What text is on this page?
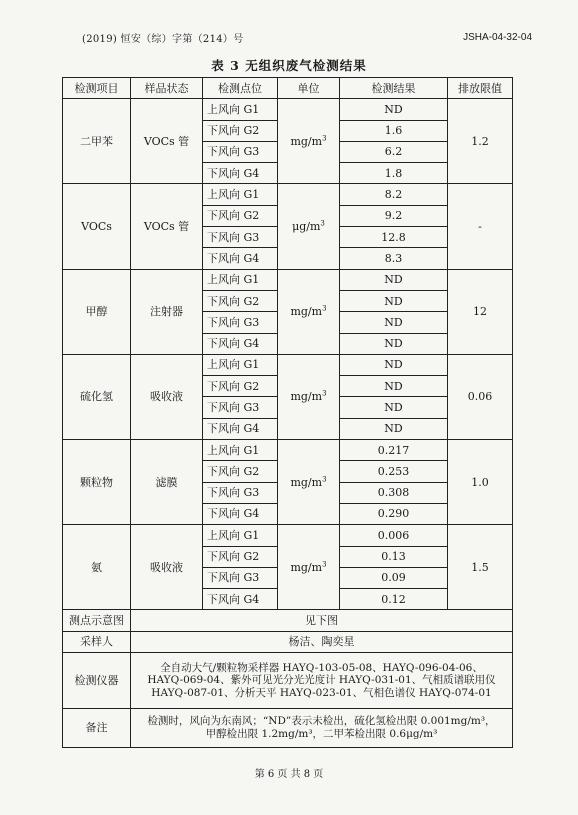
(2019) 恒安（综）字第（214）号	JSHA-04-32-04
表 3 无组织废气检测结果
检测项目	样品状态	检测点位	单位	检测结果	排放限值
二甲苯	VOCs 管	上风向 G1	$mg/m^3$	ND	1.2
		下风向 G2		1.6	
		下风向 G3		6.2	
		下风向 G4		1.8	
VOCs	VOCs 管	上风向 G1	$\mu g/m^3$	8.2	-
		下风向 G2		9.2	
		下风向 G3		12.8	
		下风向 G4		8.3	
甲醇	注射器	上风向 G1	$mg/m^3$	ND	12
		下风向 G2		ND	
		下风向 G3		ND	
		下风向 G4		ND	
硫化氢	吸收液	上风向 G1	$mg/m^3$	ND	0.06
		下风向 G2		ND	
		下风向 G3		ND	
		下风向 G4		ND	
颗粒物	滤膜	上风向 G1	$mg/m^3$	0.217	1.0
		下风向 G2		0.253	
		下风向 G3		0.308	
		下风向 G4		0.290	
氨	吸收液	上风向 G1	$mg/m^3$	0.006	1.5
		下风向 G2		0.13	
		下风向 G3		0.09	
		下风向 G4		0.12	
测点示意图	见下图				
采样人	杨洁、陶奕星				
检测仪器	全自动大气/颗粒物采样器 HAYQ-103-05-08、HAYQ-096-04-06、
HAYQ-069-04、紫外可见光分光光度计 HAYQ-031-01、气相质谱联用仪
HAYQ-087-01、分析天平 HAYQ-023-01、气相色谱仪 HAYQ-074-01				

备注	检测时，风向为东南风；“ND”表示未检出，硫化氢检出限 0.001mg/m³，
甲醇检出限 1.2mg/m³，二甲苯检出限 0.6μg/m³				
第 6 页 共 8 页
